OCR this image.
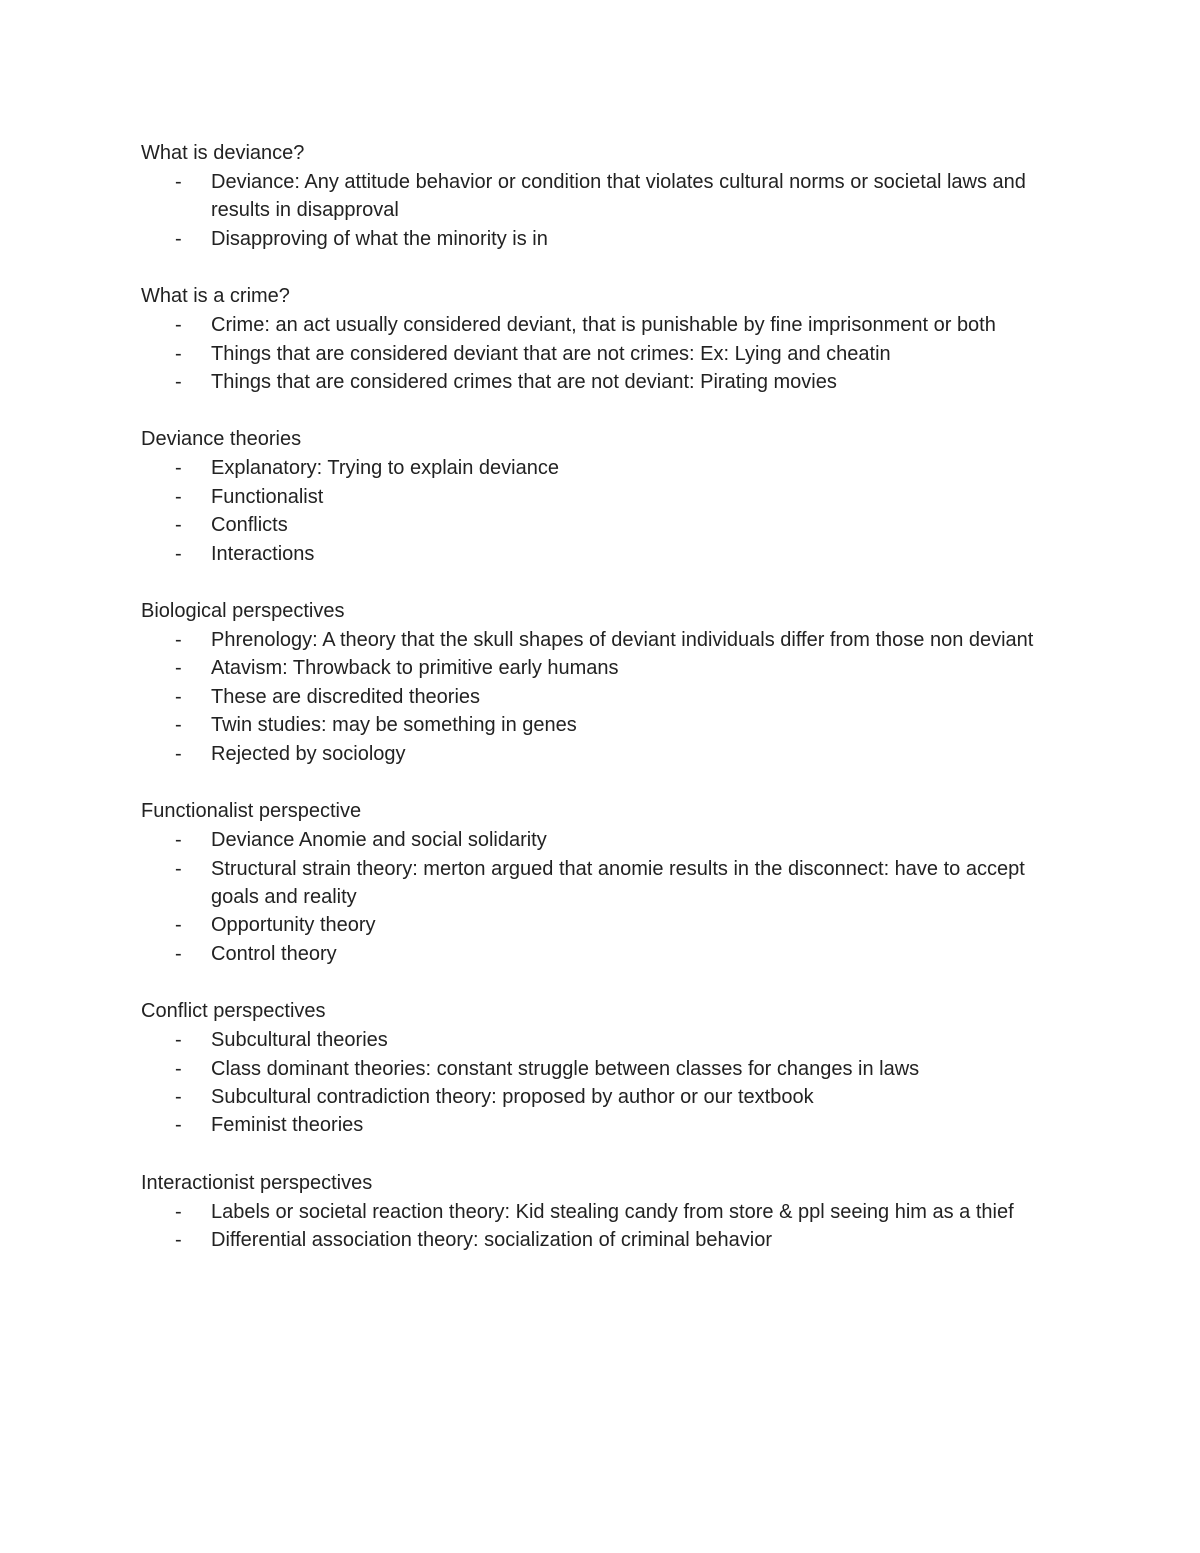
What is deviance?
- Deviance: Any attitude behavior or condition that violates cultural norms or societal laws and results in disapproval
- Disapproving of what the minority is in
What is a crime?
- Crime: an act usually considered deviant, that is punishable by fine imprisonment or both
- Things that are considered deviant that are not crimes: Ex: Lying and cheatin
- Things that are considered crimes that are not deviant: Pirating movies
Deviance theories
- Explanatory: Trying to explain deviance
- Functionalist
- Conflicts
- Interactions
Biological perspectives
- Phrenology: A theory that the skull shapes of deviant individuals differ from those non deviant
- Atavism: Throwback to primitive early humans
- These are discredited theories
- Twin studies: may be something in genes
- Rejected by sociology
Functionalist perspective
- Deviance Anomie and social solidarity
- Structural strain theory: merton argued that anomie results in the disconnect: have to accept goals and reality
- Opportunity theory
- Control theory
Conflict perspectives
- Subcultural theories
- Class dominant theories: constant struggle between classes for changes in laws
- Subcultural contradiction theory: proposed by author or our textbook
- Feminist theories
Interactionist perspectives
- Labels or societal reaction theory: Kid stealing candy from store & ppl seeing him as a thief
- Differential association theory: socialization of criminal behavior
